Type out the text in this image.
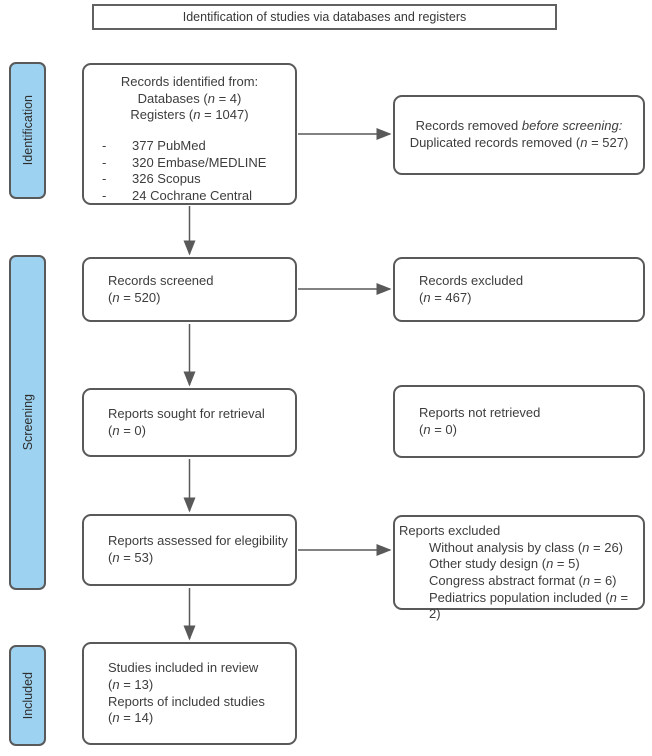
Identification of studies via databases and registers
Identification
Screening
Included
Records identified from:
Databases (n = 4)
Registers (n = 1047)
-	377 PubMed
-	320 Embase/MEDLINE
-	326 Scopus
-	24 Cochrane Central
Records screened
(n = 520)
Reports sought for retrieval
(n = 0)
Reports assessed for elegibility
(n = 53)
Studies included in review
(n = 13)
Reports of included studies
(n = 14)
Records removed before screening:
Duplicated records removed (n = 527)
Records excluded
(n = 467)
Reports not retrieved
(n = 0)
Reports excluded
Without analysis by class (n = 26)
Other study design (n = 5)
Congress abstract format (n = 6)
Pediatrics population included (n = 2)
